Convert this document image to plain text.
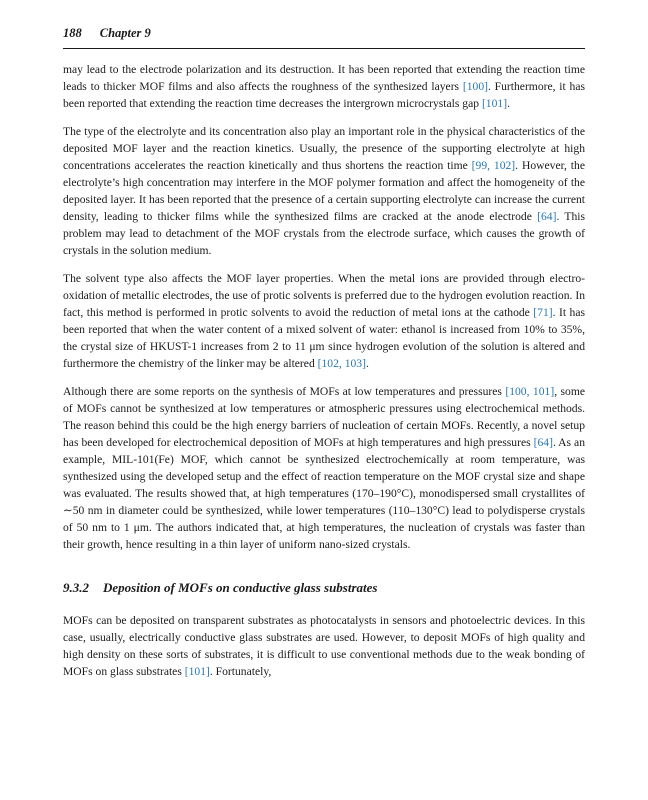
188 Chapter 9

may lead to the electrode polarization and its destruction. It has been reported that extending the reaction time leads to thicker MOF films and also affects the roughness of the synthesized layers [100]. Furthermore, it has been reported that extending the reaction time decreases the intergrown microcrystals gap [101].

The type of the electrolyte and its concentration also play an important role in the physical characteristics of the deposited MOF layer and the reaction kinetics. Usually, the presence of the supporting electrolyte at high concentrations accelerates the reaction kinetically and thus shortens the reaction time [99, 102]. However, the electrolyte’s high concentration may interfere in the MOF polymer formation and affect the homogeneity of the deposited layer. It has been reported that the presence of a certain supporting electrolyte can increase the current density, leading to thicker films while the synthesized films are cracked at the anode electrode [64]. This problem may lead to detachment of the MOF crystals from the electrode surface, which causes the growth of crystals in the solution medium.

The solvent type also affects the MOF layer properties. When the metal ions are provided through electro-oxidation of metallic electrodes, the use of protic solvents is preferred due to the hydrogen evolution reaction. In fact, this method is performed in protic solvents to avoid the reduction of metal ions at the cathode [71]. It has been reported that when the water content of a mixed solvent of water: ethanol is increased from 10% to 35%, the crystal size of HKUST-1 increases from 2 to 11 μm since hydrogen evolution of the solution is altered and furthermore the chemistry of the linker may be altered [102, 103].

Although there are some reports on the synthesis of MOFs at low temperatures and pressures [100, 101], some of MOFs cannot be synthesized at low temperatures or atmospheric pressures using electrochemical methods. The reason behind this could be the high energy barriers of nucleation of certain MOFs. Recently, a novel setup has been developed for electrochemical deposition of MOFs at high temperatures and high pressures [64]. As an example, MIL-101(Fe) MOF, which cannot be synthesized electrochemically at room temperature, was synthesized using the developed setup and the effect of reaction temperature on the MOF crystal size and shape was evaluated. The results showed that, at high temperatures (170–190°C), monodispersed small crystallites of ∼50 nm in diameter could be synthesized, while lower temperatures (110–130°C) lead to polydisperse crystals of 50 nm to 1 μm. The authors indicated that, at high temperatures, the nucleation of crystals was faster than their growth, hence resulting in a thin layer of uniform nano-sized crystals.

9.3.2 Deposition of MOFs on conductive glass substrates

MOFs can be deposited on transparent substrates as photocatalysts in sensors and photoelectric devices. In this case, usually, electrically conductive glass substrates are used. However, to deposit MOFs of high quality and high density on these sorts of substrates, it is difficult to use conventional methods due to the weak bonding of MOFs on glass substrates [101]. Fortunately,
